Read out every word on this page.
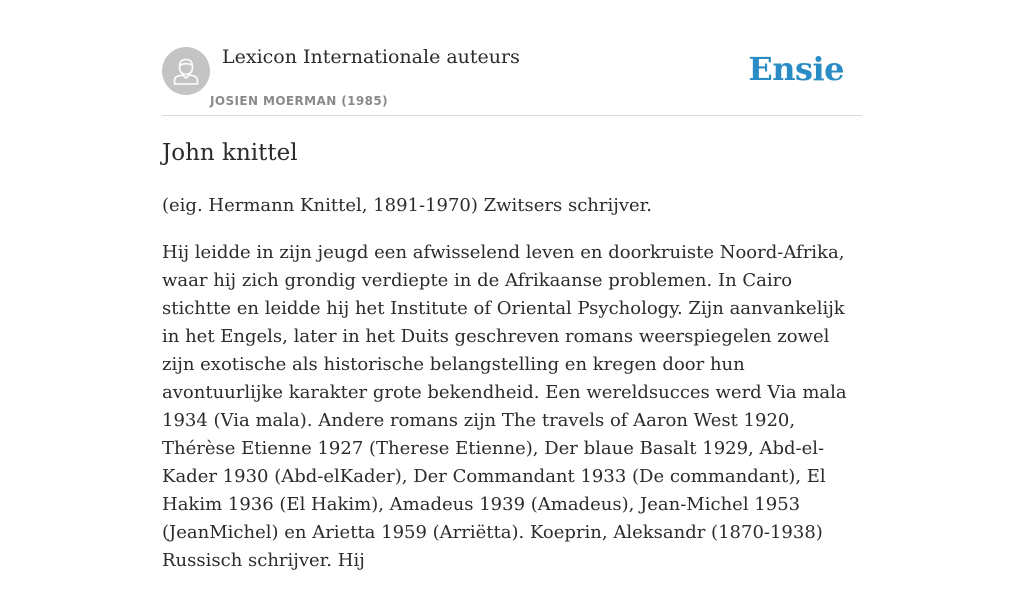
Lexicon Internationale auteurs
JOSIEN MOERMAN (1985)
Ensie
John knittel

(eig. Hermann Knittel, 1891-1970) Zwitsers schrijver.

Hij leidde in zijn jeugd een afwisselend leven en doorkruiste Noord-Afrika, waar hij zich grondig verdiepte in de Afrikaanse problemen. In Cairo stichtte en leidde hij het Institute of Oriental Psychology. Zijn aanvankelijk in het Engels, later in het Duits geschreven romans weerspiegelen zowel zijn exotische als historische belangstelling en kregen door hun avontuurlijke karakter grote bekendheid. Een wereldsucces werd Via mala 1934 (Via mala). Andere romans zijn The travels of Aaron West 1920, Thérèse Etienne 1927 (Therese Etienne), Der blaue Basalt 1929, Abd-el-Kader 1930 (Abd-elKader), Der Commandant 1933 (De commandant), El Hakim 1936 (El Hakim), Amadeus 1939 (Amadeus), Jean-Michel 1953 (JeanMichel) en Arietta 1959 (Arriëtta). Koeprin, Aleksandr (1870-1938) Russisch schrijver. Hij
